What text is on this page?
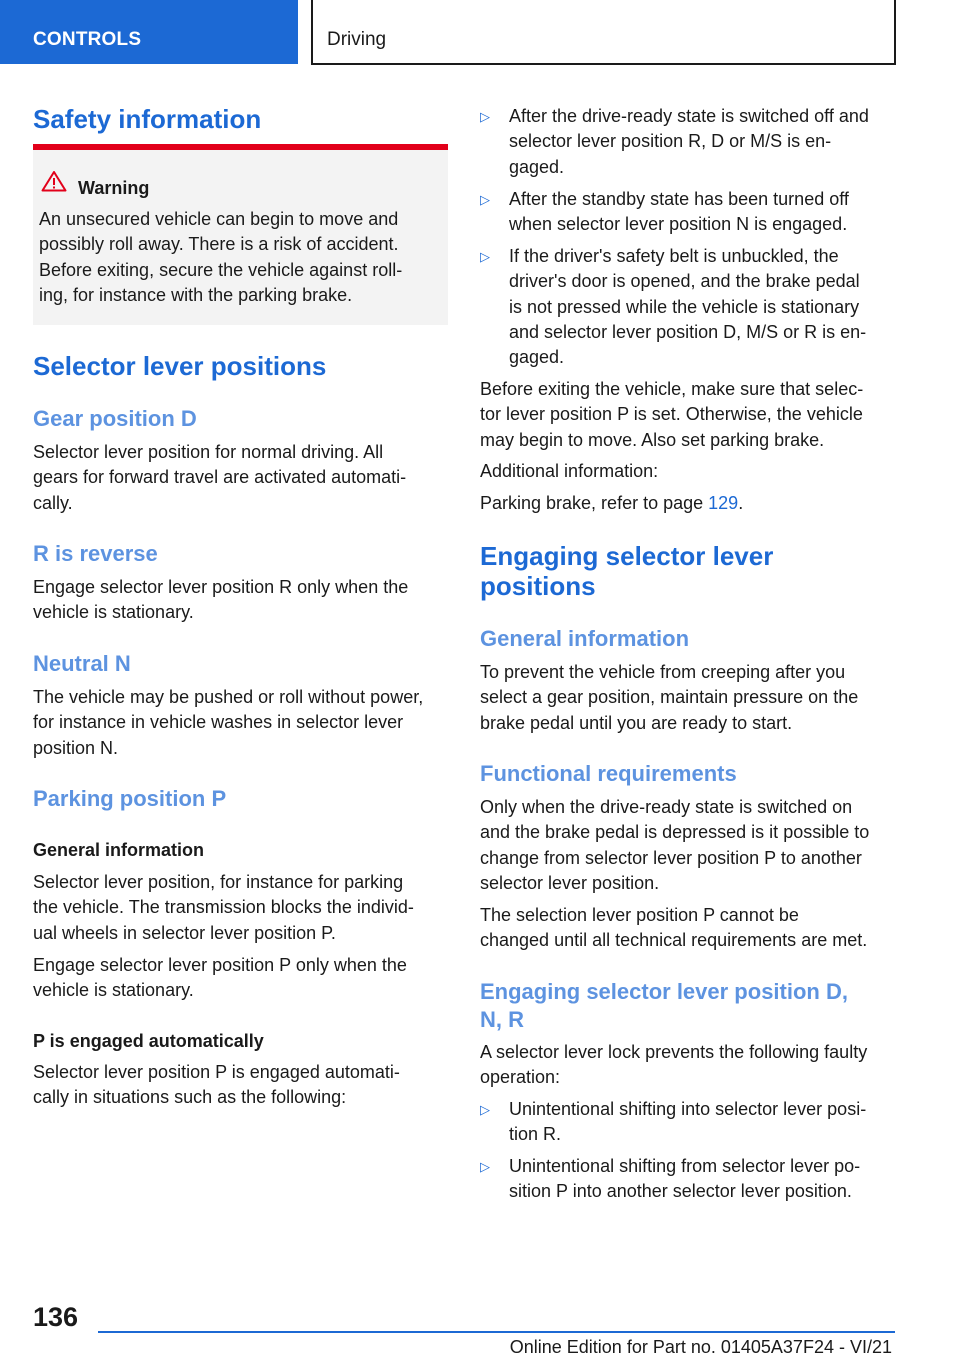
CONTROLS	Driving
Safety information
Warning
An unsecured vehicle can begin to move and
possibly roll away. There is a risk of accident.
Before exiting, secure the vehicle against roll-
ing, for instance with the parking brake.
Selector lever positions
Gear position D
Selector lever position for normal driving. All
gears for forward travel are activated automati-
cally.
R is reverse
Engage selector lever position R only when the
vehicle is stationary.
Neutral N
The vehicle may be pushed or roll without power,
for instance in vehicle washes in selector lever
position N.
Parking position P
General information
Selector lever position, for instance for parking
the vehicle. The transmission blocks the individ-
ual wheels in selector lever position P.
Engage selector lever position P only when the
vehicle is stationary.
P is engaged automatically
Selector lever position P is engaged automati-
cally in situations such as the following:
▷ After the drive-ready state is switched off and
selector lever position R, D or M/S is en-
gaged.
▷ After the standby state has been turned off
when selector lever position N is engaged.
▷ If the driver's safety belt is unbuckled, the
driver's door is opened, and the brake pedal
is not pressed while the vehicle is stationary
and selector lever position D, M/S or R is en-
gaged.
Before exiting the vehicle, make sure that selec-
tor lever position P is set. Otherwise, the vehicle
may begin to move. Also set parking brake.
Additional information:
Parking brake, refer to page 129.
Engaging selector lever
positions
General information
To prevent the vehicle from creeping after you
select a gear position, maintain pressure on the
brake pedal until you are ready to start.
Functional requirements
Only when the drive-ready state is switched on
and the brake pedal is depressed is it possible to
change from selector lever position P to another
selector lever position.
The selection lever position P cannot be
changed until all technical requirements are met.
Engaging selector lever position D,
N, R
A selector lever lock prevents the following faulty
operation:
▷ Unintentional shifting into selector lever posi-
tion R.
▷ Unintentional shifting from selector lever po-
sition P into another selector lever position.
136
Online Edition for Part no. 01405A37F24 - VI/21
